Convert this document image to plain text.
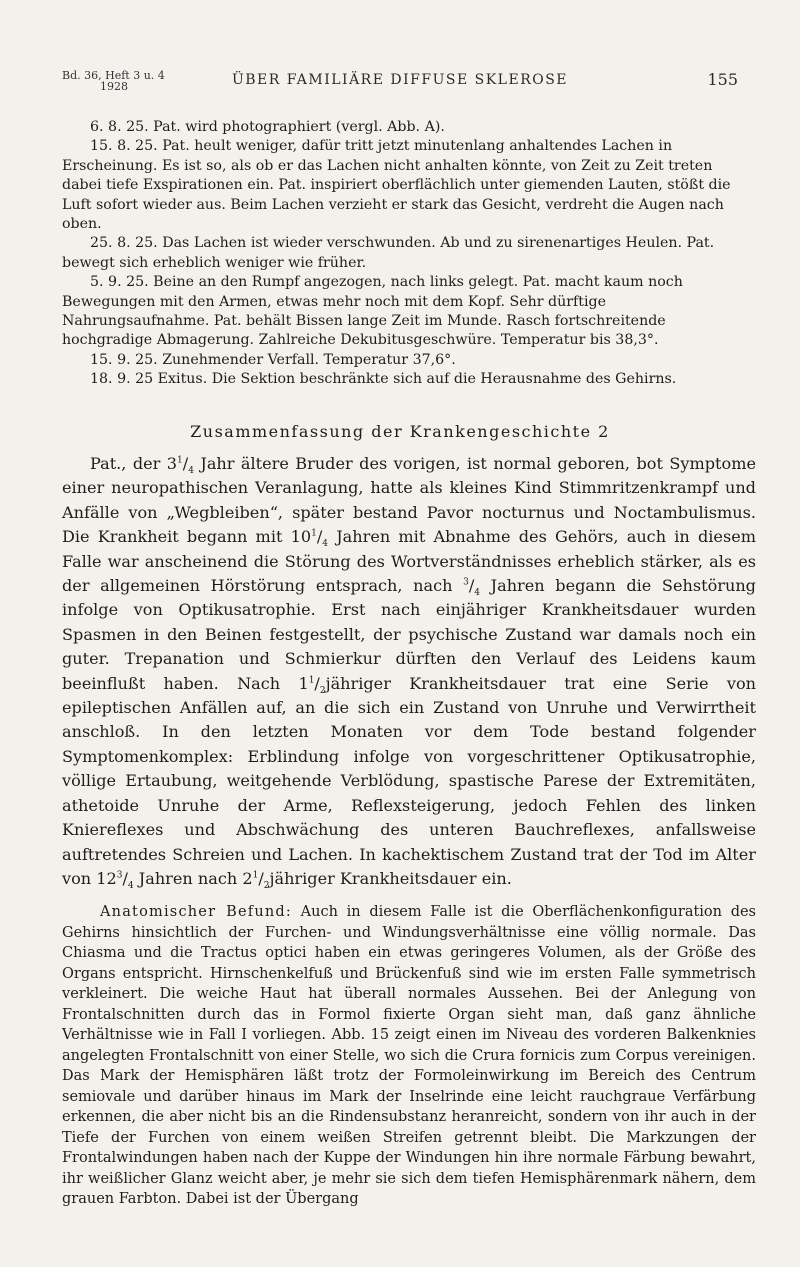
Bd. 36, Heft 3 u. 4
1928	ÜBER FAMILIÄRE DIFFUSE SKLEROSE	155

6. 8. 25. Pat. wird photographiert (vergl. Abb. A).

15. 8. 25. Pat. heult weniger, dafür tritt jetzt minutenlang anhaltendes Lachen in Erscheinung. Es ist so, als ob er das Lachen nicht anhalten könnte, von Zeit zu Zeit treten dabei tiefe Exspirationen ein. Pat. inspiriert oberflächlich unter giemenden Lauten, stößt die Luft sofort wieder aus. Beim Lachen verzieht er stark das Gesicht, verdreht die Augen nach oben.

25. 8. 25. Das Lachen ist wieder verschwunden. Ab und zu sirenenartiges Heulen. Pat. bewegt sich erheblich weniger wie früher.

5. 9. 25. Beine an den Rumpf angezogen, nach links gelegt. Pat. macht kaum noch Bewegungen mit den Armen, etwas mehr noch mit dem Kopf. Sehr dürftige Nahrungsaufnahme. Pat. behält Bissen lange Zeit im Munde. Rasch fortschreitende hochgradige Abmagerung. Zahlreiche Dekubitusgeschwüre. Temperatur bis 38,3°.

15. 9. 25. Zunehmender Verfall. Temperatur 37,6°.

18. 9. 25 Exitus. Die Sektion beschränkte sich auf die Herausnahme des Gehirns.

Zusammenfassung der Krankengeschichte 2

Pat., der $3^1/_4$ Jahr ältere Bruder des vorigen, ist normal geboren, bot Symptome einer neuropathischen Veranlagung, hatte als kleines Kind Stimmritzenkrampf und Anfälle von „Wegbleiben“, später bestand Pavor nocturnus und Noctambulismus. Die Krankheit begann mit $10^1/_4$ Jahren mit Abnahme des Gehörs, auch in diesem Falle war anscheinend die Störung des Wortverständnisses erheblich stärker, als es der allgemeinen Hörstörung entsprach, nach $^3/_4$ Jahren begann die Sehstörung infolge von Optikusatrophie. Erst nach einjähriger Krankheitsdauer wurden Spasmen in den Beinen festgestellt, der psychische Zustand war damals noch ein guter. Trepanation und Schmierkur dürften den Verlauf des Leidens kaum beeinflußt haben. Nach $1^1/_2jähriger$ Krankheitsdauer trat eine Serie von epileptischen Anfällen auf, an die sich ein Zustand von Unruhe und Verwirrtheit anschloß. In den letzten Monaten vor dem Tode bestand folgender Symptomenkomplex: Erblindung infolge von vorgeschrittener Optikusatrophie, völlige Ertaubung, weitgehende Verblödung, spastische Parese der Extremitäten, athetoide Unruhe der Arme, Reflexsteigerung, jedoch Fehlen des linken Kniereflexes und Abschwächung des unteren Bauchreflexes, anfallsweise auftretendes Schreien und Lachen. In kachektischem Zustand trat der Tod im Alter von $12^3/_4$ Jahren nach $2^1/_2jähriger$ Krankheitsdauer ein.

Anatomischer Befund: Auch in diesem Falle ist die Oberflächenkonfiguration des Gehirns hinsichtlich der Furchen- und Windungsverhältnisse eine völlig normale. Das Chiasma und die Tractus optici haben ein etwas geringeres Volumen, als der Größe des Organs entspricht. Hirnschenkelfuß und Brückenfuß sind wie im ersten Falle symmetrisch verkleinert. Die weiche Haut hat überall normales Aussehen. Bei der Anlegung von Frontalschnitten durch das in Formol fixierte Organ sieht man, daß ganz ähnliche Verhältnisse wie in Fall I vorliegen. Abb. 15 zeigt einen im Niveau des vorderen Balkenknies angelegten Frontalschnitt von einer Stelle, wo sich die Crura fornicis zum Corpus vereinigen. Das Mark der Hemisphären läßt trotz der Formoleinwirkung im Bereich des Centrum semiovale und darüber hinaus im Mark der Inselrinde eine leicht rauchgraue Verfärbung erkennen, die aber nicht bis an die Rindensubstanz heranreicht, sondern von ihr auch in der Tiefe der Furchen von einem weißen Streifen getrennt bleibt. Die Markzungen der Frontalwindungen haben nach der Kuppe der Windungen hin ihre normale Färbung bewahrt, ihr weißlicher Glanz weicht aber, je mehr sie sich dem tiefen Hemisphärenmark nähern, dem grauen Farbton. Dabei ist der Übergang
